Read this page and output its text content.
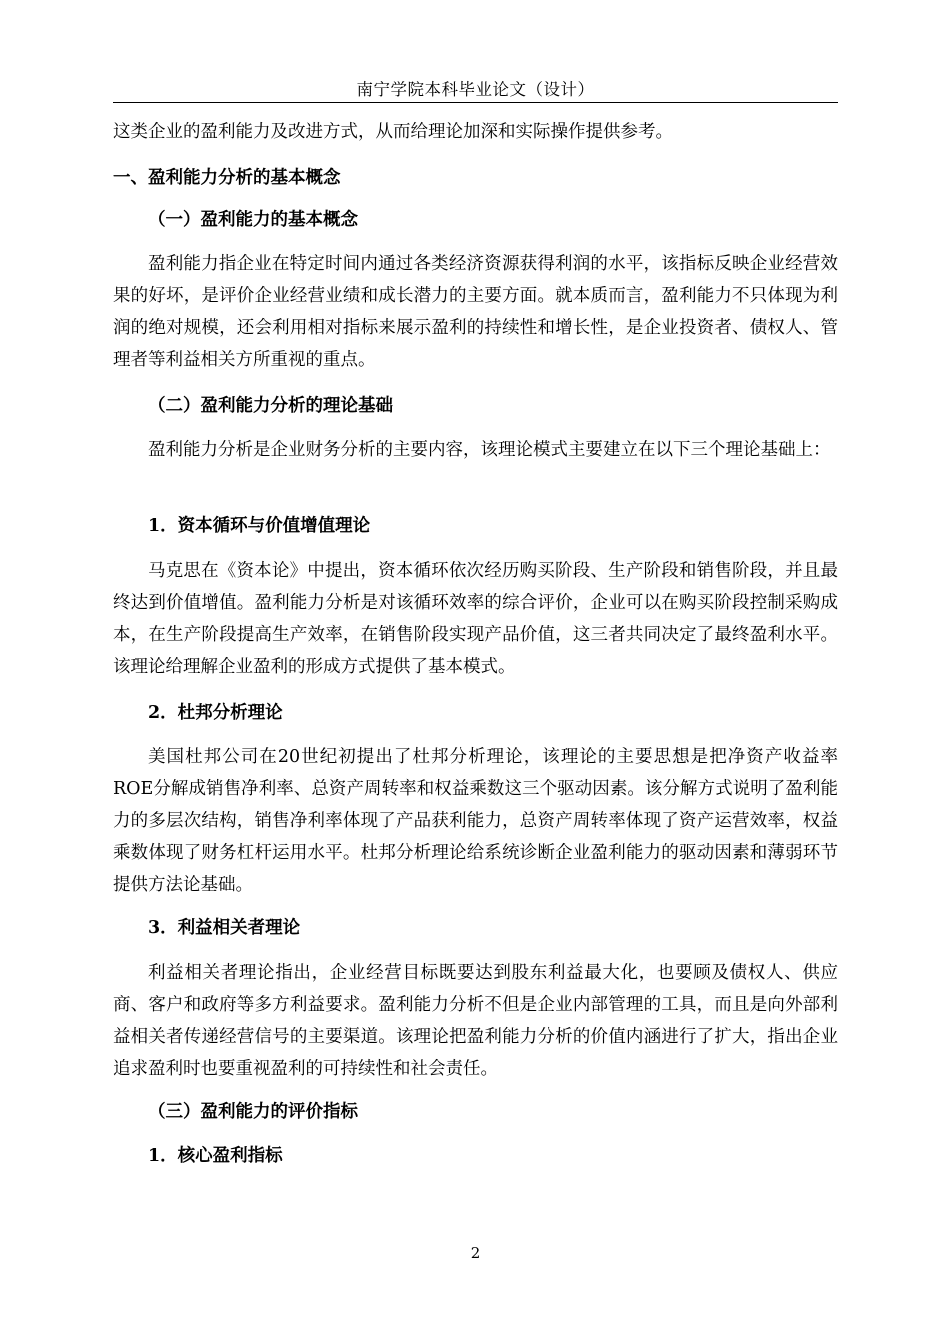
南宁学院本科毕业论文（设计）

这类企业的盈利能力及改进方式，从而给理论加深和实际操作提供参考。

一、盈利能力分析的基本概念

（一）盈利能力的基本概念

盈利能力指企业在特定时间内通过各类经济资源获得利润的水平，该指标反映企业经营效果的好坏，是评价企业经营业绩和成长潜力的主要方面。就本质而言，盈利能力不只体现为利润的绝对规模，还会利用相对指标来展示盈利的持续性和增长性，是企业投资者、债权人、管理者等利益相关方所重视的重点。

（二）盈利能力分析的理论基础

盈利能力分析是企业财务分析的主要内容，该理论模式主要建立在以下三个理论基础上：

1．资本循环与价值增值理论

马克思在《资本论》中提出，资本循环依次经历购买阶段、生产阶段和销售阶段，并且最终达到价值增值。盈利能力分析是对该循环效率的综合评价，企业可以在购买阶段控制采购成本，在生产阶段提高生产效率，在销售阶段实现产品价值，这三者共同决定了最终盈利水平。该理论给理解企业盈利的形成方式提供了基本模式。

2．杜邦分析理论

美国杜邦公司在20世纪初提出了杜邦分析理论，该理论的主要思想是把净资产收益率ROE分解成销售净利率、总资产周转率和权益乘数这三个驱动因素。该分解方式说明了盈利能力的多层次结构，销售净利率体现了产品获利能力，总资产周转率体现了资产运营效率，权益乘数体现了财务杠杆运用水平。杜邦分析理论给系统诊断企业盈利能力的驱动因素和薄弱环节提供方法论基础。

3．利益相关者理论

利益相关者理论指出，企业经营目标既要达到股东利益最大化，也要顾及债权人、供应商、客户和政府等多方利益要求。盈利能力分析不但是企业内部管理的工具，而且是向外部利益相关者传递经营信号的主要渠道。该理论把盈利能力分析的价值内涵进行了扩大，指出企业追求盈利时也要重视盈利的可持续性和社会责任。

（三）盈利能力的评价指标

1．核心盈利指标

2
